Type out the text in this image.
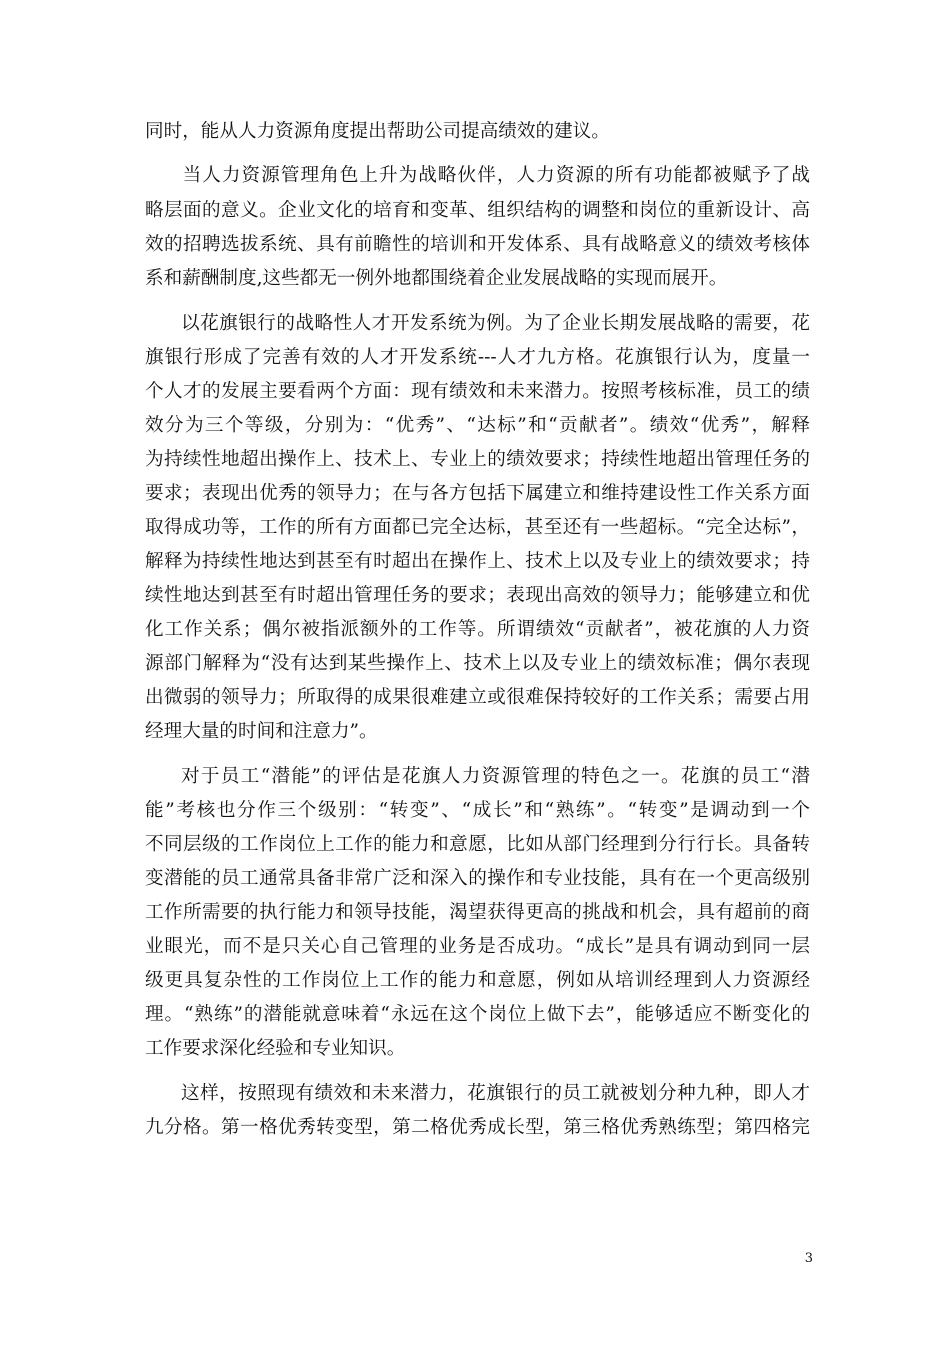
同时，能从人力资源角度提出帮助公司提高绩效的建议。
　当人力资源管理角色上升为战略伙伴，人力资源的所有功能都被赋予了战
略层面的意义。企业文化的培育和变革、组织结构的调整和岗位的重新设计、高
效的招聘选拔系统、具有前瞻性的培训和开发体系、具有战略意义的绩效考核体
系和薪酬制度,这些都无一例外地都围绕着企业发展战略的实现而展开。
以花旗银行的战略性人才开发系统为例。为了企业长期发展战略的需要，花
旗银行形成了完善有效的人才开发系统---人才九方格。花旗银行认为，度量一
个人才的发展主要看两个方面：现有绩效和未来潜力。按照考核标准，员工的绩
效分为三个等级，分别为：“优秀”、“达标”和“贡献者”。绩效“优秀”，解释
为持续性地超出操作上、技术上、专业上的绩效要求；持续性地超出管理任务的
要求；表现出优秀的领导力；在与各方包括下属建立和维持建设性工作关系方面
取得成功等，工作的所有方面都已完全达标，甚至还有一些超标。“完全达标”，
解释为持续性地达到甚至有时超出在操作上、技术上以及专业上的绩效要求；持
续性地达到甚至有时超出管理任务的要求；表现出高效的领导力；能够建立和优
化工作关系；偶尔被指派额外的工作等。所谓绩效“贡献者”，被花旗的人力资
源部门解释为“没有达到某些操作上、技术上以及专业上的绩效标准；偶尔表现
出微弱的领导力；所取得的成果很难建立或很难保持较好的工作关系；需要占用
经理大量的时间和注意力”。
对于员工“潜能”的评估是花旗人力资源管理的特色之一。花旗的员工“潜
能”考核也分作三个级别：“转变”、“成长”和“熟练”。“转变”是调动到一个
不同层级的工作岗位上工作的能力和意愿，比如从部门经理到分行行长。具备转
变潜能的员工通常具备非常广泛和深入的操作和专业技能，具有在一个更高级别
工作所需要的执行能力和领导技能，渴望获得更高的挑战和机会，具有超前的商
业眼光，而不是只关心自己管理的业务是否成功。“成长”是具有调动到同一层
级更具复杂性的工作岗位上工作的能力和意愿，例如从培训经理到人力资源经
理。“熟练”的潜能就意味着“永远在这个岗位上做下去”，能够适应不断变化的
工作要求深化经验和专业知识。
这样，按照现有绩效和未来潜力，花旗银行的员工就被划分种九种，即人才
九分格。第一格优秀转变型，第二格优秀成长型，第三格优秀熟练型；第四格完
3
